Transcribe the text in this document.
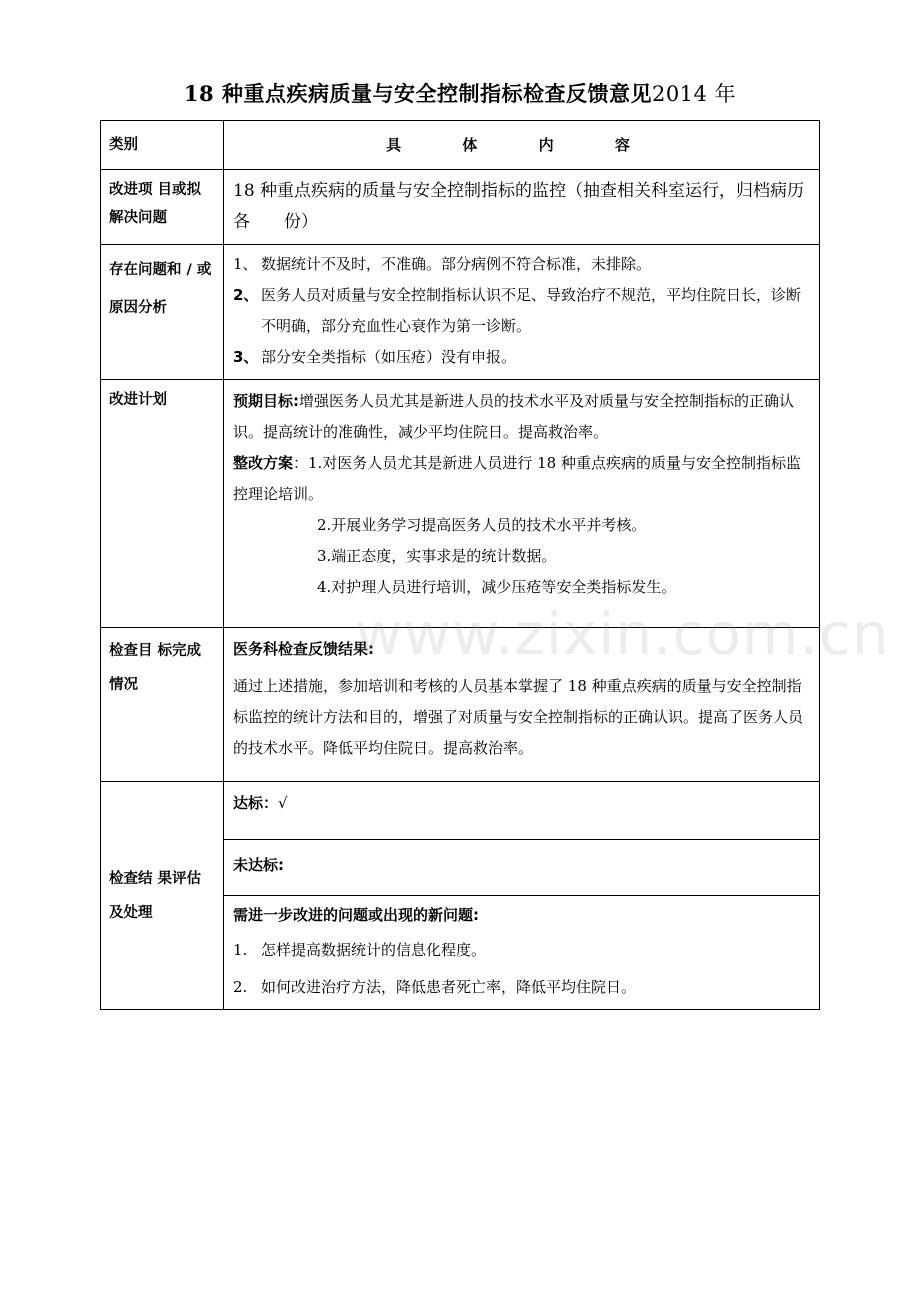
18 种重点疾病质量与安全控制指标检查反馈意见2014 年
类别	具 体 内 容
改进项 目或拟解决问题	18 种重点疾病的质量与安全控制指标的监控（抽查相关科室运行，归档病历各　　份）
存在问题和 / 或原因分析	1、 数据统计不及时，不准确。部分病例不符合标准，未排除。
2、 医务人员对质量与安全控制指标认识不足、导致治疗不规范，平均住院日长，诊断不明确，部分充血性心衰作为第一诊断。
3、 部分安全类指标（如压疮）没有申报。

改进计划	预期目标:增强医务人员尤其是新进人员的技术水平及对质量与安全控制指标的正确认识。提高统计的准确性，减少平均住院日。提高救治率。
整改方案：1.对医务人员尤其是新进人员进行 18 种重点疾病的质量与安全控制指标监控理论培训。
2.开展业务学习提高医务人员的技术水平并考核。
3.端正态度，实事求是的统计数据。
4.对护理人员进行培训，减少压疮等安全类指标发生。

检查目 标完成情况	医务科检查反馈结果:
通过上述措施，参加培训和考核的人员基本掌握了 18 种重点疾病的质量与安全控制指标监控的统计方法和目的，增强了对质量与安全控制指标的正确认识。提高了医务人员的技术水平。降低平均住院日。提高救治率。

检查结 果评估及处理	达标：√
	未达标:

	需进一步改进的问题或出现的新问题:
1. 怎样提高数据统计的信息化程度。
2. 如何改进治疗方法，降低患者死亡率，降低平均住院日。
www.zixin.com.cn
